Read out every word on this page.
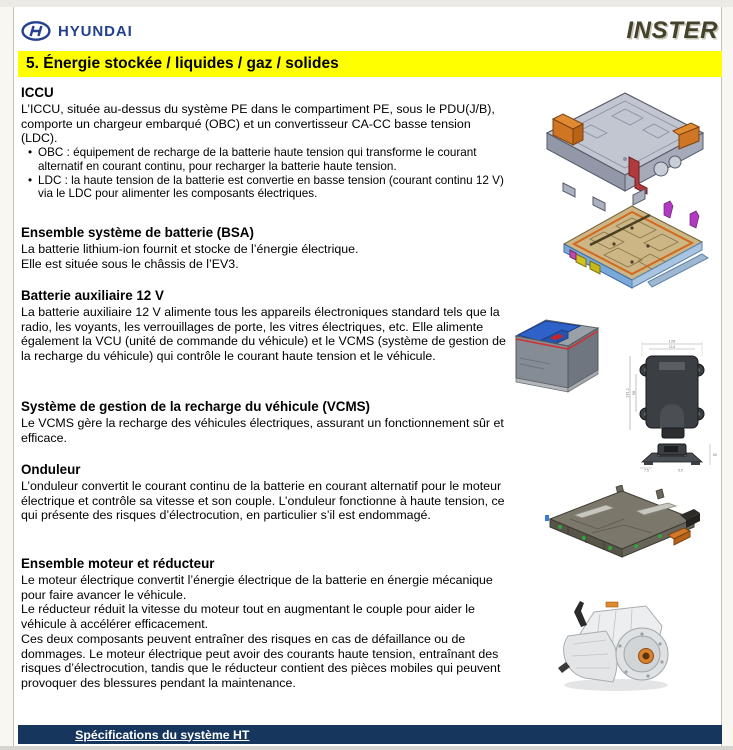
HYUNDAI	INSTER
5. Énergie stockée / liquides / gaz / solides
ICCU

L’ICCU, située au-dessus du système PE dans le compartiment PE, sous le PDU(J/B), comporte un chargeur embarqué (OBC) et un convertisseur CA-CC basse tension (LDC).

•
OBC : équipement de recharge de la batterie haute tension qui transforme le courant alternatif en courant continu, pour recharger la batterie haute tension.
•
LDC : la haute tension de la batterie est convertie en basse tension (courant continu 12 V) via le LDC pour alimenter les composants électriques.
Ensemble système de batterie (BSA)

La batterie lithium-ion fournit et stocke de l’énergie électrique.

Elle est située sous le châssis de l’EV3.

Batterie auxiliaire 12 V

La batterie auxiliaire 12 V alimente tous les appareils électroniques standard tels que la radio, les voyants, les verrouillages de porte, les vitres électriques, etc. Elle alimente également la VCU (unité de commande du véhicule) et le VCMS (système de gestion de la recharge du véhicule) qui contrôle le courant haute tension et le véhicule.

Système de gestion de la recharge du véhicule (VCMS)

Le VCMS gère la recharge des véhicules électriques, assurant un fonctionnement sûr et efficace.

Onduleur

L’onduleur convertit le courant continu de la batterie en courant alternatif pour le moteur électrique et contrôle sa vitesse et son couple. L’onduleur fonctionne à haute tension, ce qui présente des risques d’électrocution, en particulier s’il est endommagé.

Ensemble moteur et réducteur

Le moteur électrique convertit l’énergie électrique de la batterie en énergie mécanique pour faire avancer le véhicule.

Le réducteur réduit la vitesse du moteur tout en augmentant le couple pour aider le véhicule à accélérer efficacement.

Ces deux composants peuvent entraîner des risques en cas de défaillance ou de dommages. Le moteur électrique peut avoir des courants haute tension, entraînant des risques d’électrocution, tandis que le réducteur contient des pièces mobiles qui peuvent provoquer des blessures pendant la maintenance.

128
114
131.1 58
60
7.5	5.5
Spécifications du système HT
